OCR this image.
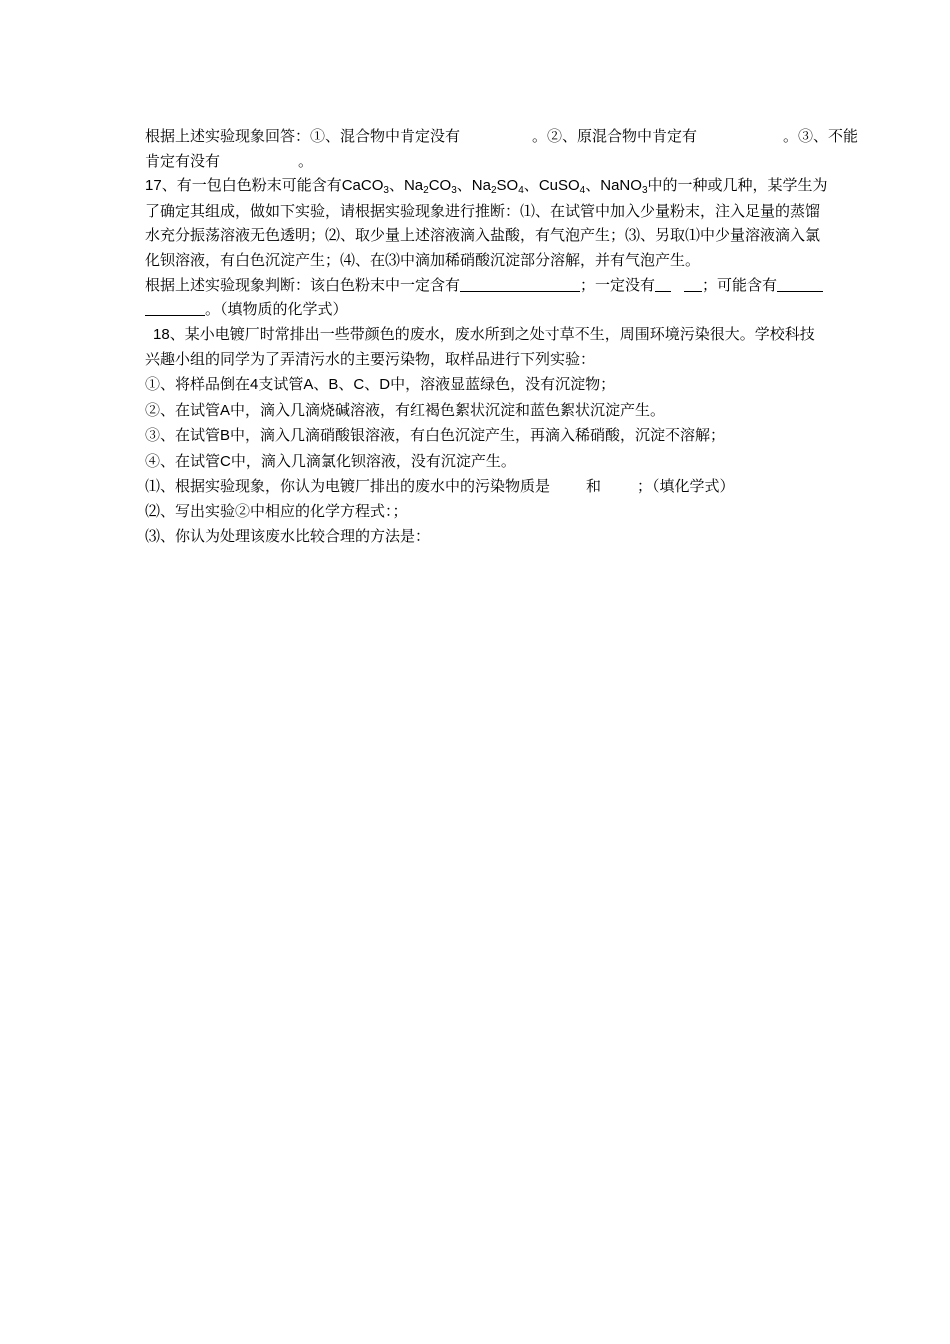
根据上述实验现象回答：①、混合物中肯定没有	。②、原混合物中肯定有	。③、不能
肯定有没有	。
17、有一包白色粉末可能含有CaCO$_3$、$Na_2CO_3$、$Na_2SO_4$、CuSO$_4$、NaNO$_3$中的一种或几种，某学生为
了确定其组成，做如下实验，请根据实验现象进行推断：⑴、在试管中加入少量粉末，注入足量的蒸馏
水充分振荡溶液无色透明；⑵、取少量上述溶液滴入盐酸，有气泡产生；⑶、另取⑴中少量溶液滴入氯
化钡溶液，有白色沉淀产生；⑷、在⑶中滴加稀硝酸沉淀部分溶解，并有气泡产生。
根据上述实验现象判断：该白色粉末中一定含有	；一定没有	；可能含有
。（填物质的化学式）
18、某小电镀厂时常排出一些带颜色的废水，废水所到之处寸草不生，周围环境污染很大。学校科技
兴趣小组的同学为了弄清污水的主要污染物，取样品进行下列实验：
①、将样品倒在4支试管A、B、C、D中，溶液显蓝绿色，没有沉淀物；
②、在试管A中，滴入几滴烧碱溶液，有红褐色絮状沉淀和蓝色絮状沉淀产生。
③、在试管B中，滴入几滴硝酸银溶液，有白色沉淀产生，再滴入稀硝酸，沉淀不溶解；
④、在试管C中，滴入几滴氯化钡溶液，没有沉淀产生。
⑴、根据实验现象，你认为电镀厂排出的废水中的污染物质是 和 ；（填化学式）
⑵、写出实验②中相应的化学方程式：；
⑶、你认为处理该废水比较合理的方法是：
